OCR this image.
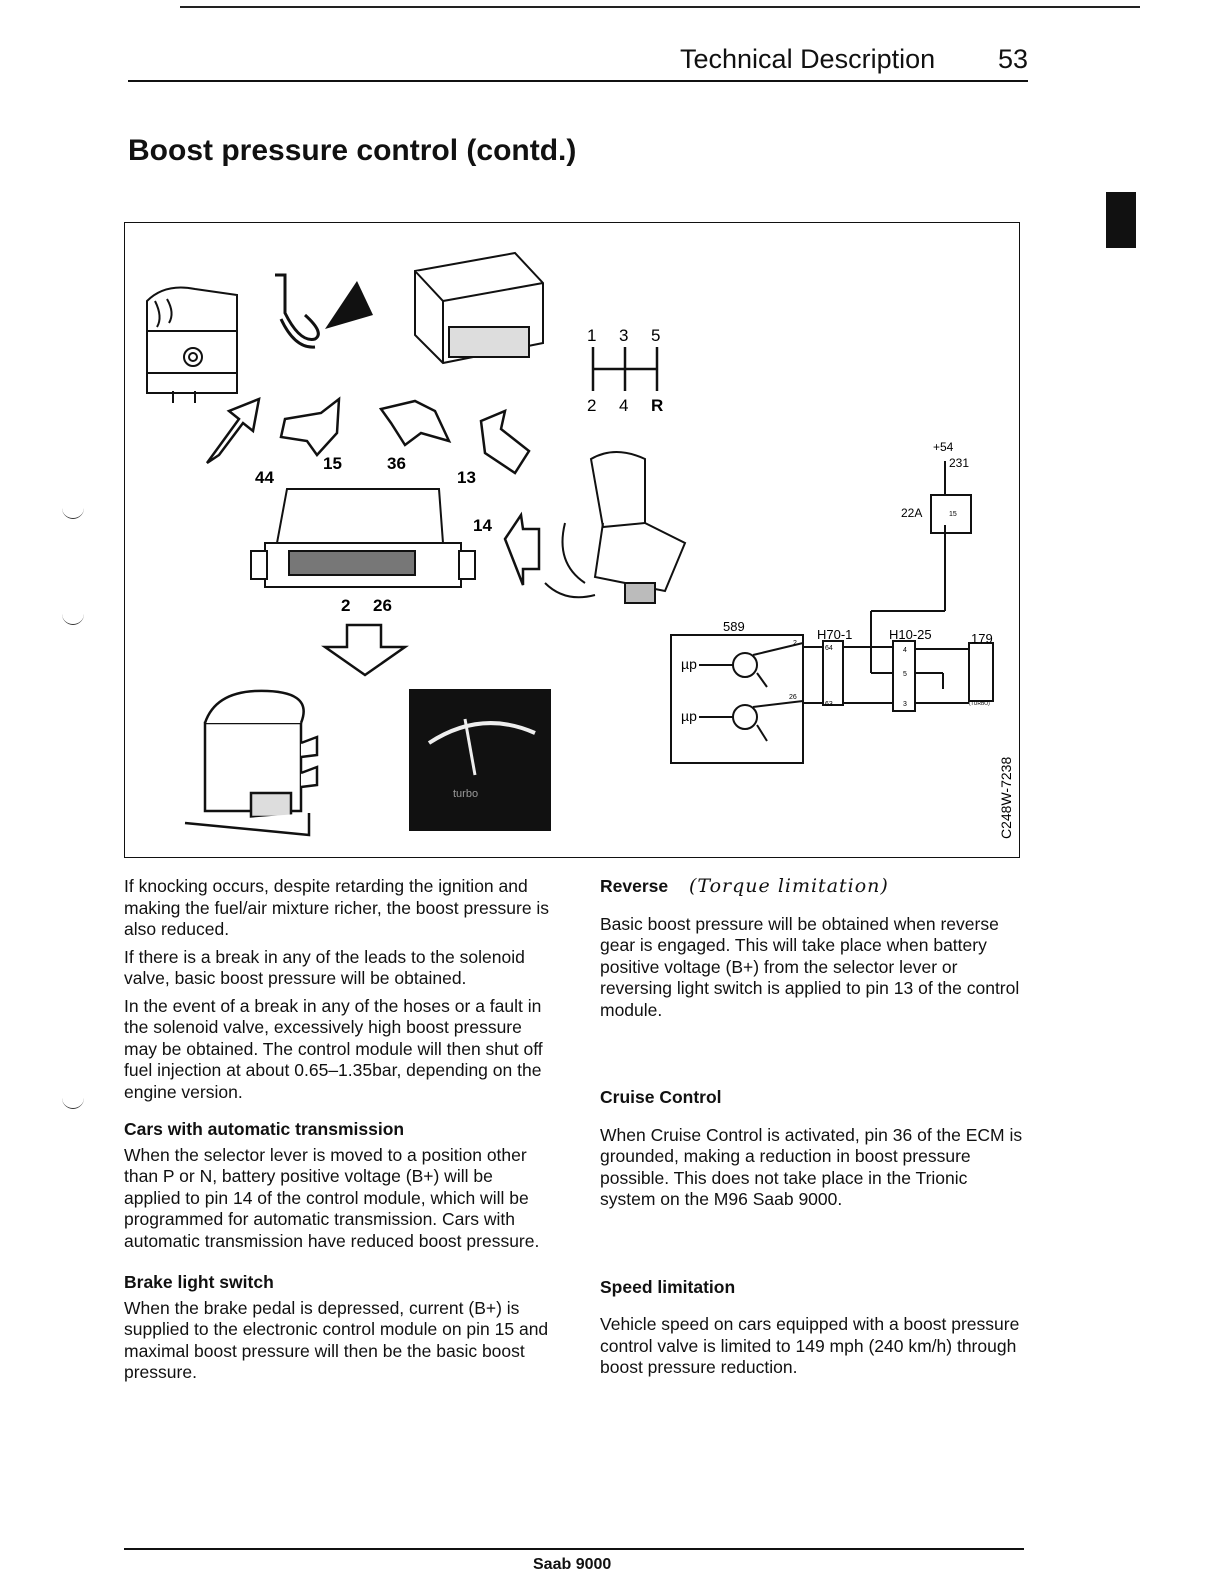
Technical Description 53
Boost pressure control (contd.)
44
15	36
13
14
2 26
1 3 5
2 4 R
turbo
589
µp
µp
2
26
H70-1	H10-25	179
(TURBO)
22A	15
+54
231
64
63
4
5
3
C248W-7238

If knocking occurs, despite retarding the ignition and making the fuel/air mixture richer, the boost pressure is also reduced.

If there is a break in any of the leads to the solenoid valve, basic boost pressure will be obtained.

In the event of a break in any of the hoses or a fault in the solenoid valve, excessively high boost pressure may be obtained. The control module will then shut off fuel injection at about 0.65–1.35bar, depending on the engine version.

Cars with automatic transmission

When the selector lever is moved to a position other than P or N, battery positive voltage (B+) will be applied to pin 14 of the control module, which will be programmed for automatic transmission. Cars with automatic transmission have reduced boost pressure.

Brake light switch

When the brake pedal is depressed, current (B+) is supplied to the electronic control module on pin 15 and maximal boost pressure will then be the basic boost pressure.

Reverse (Torque limitation)

Basic boost pressure will be obtained when reverse gear is engaged. This will take place when battery positive voltage (B+) from the selector lever or reversing light switch is applied to pin 13 of the control module.

Cruise Control

When Cruise Control is activated, pin 36 of the ECM is grounded, making a reduction in boost pressure possible. This does not take place in the Trionic system on the M96 Saab 9000.

Speed limitation

Vehicle speed on cars equipped with a boost pressure control valve is limited to 149 mph (240 km/h) through boost pressure reduction.

Saab 9000
